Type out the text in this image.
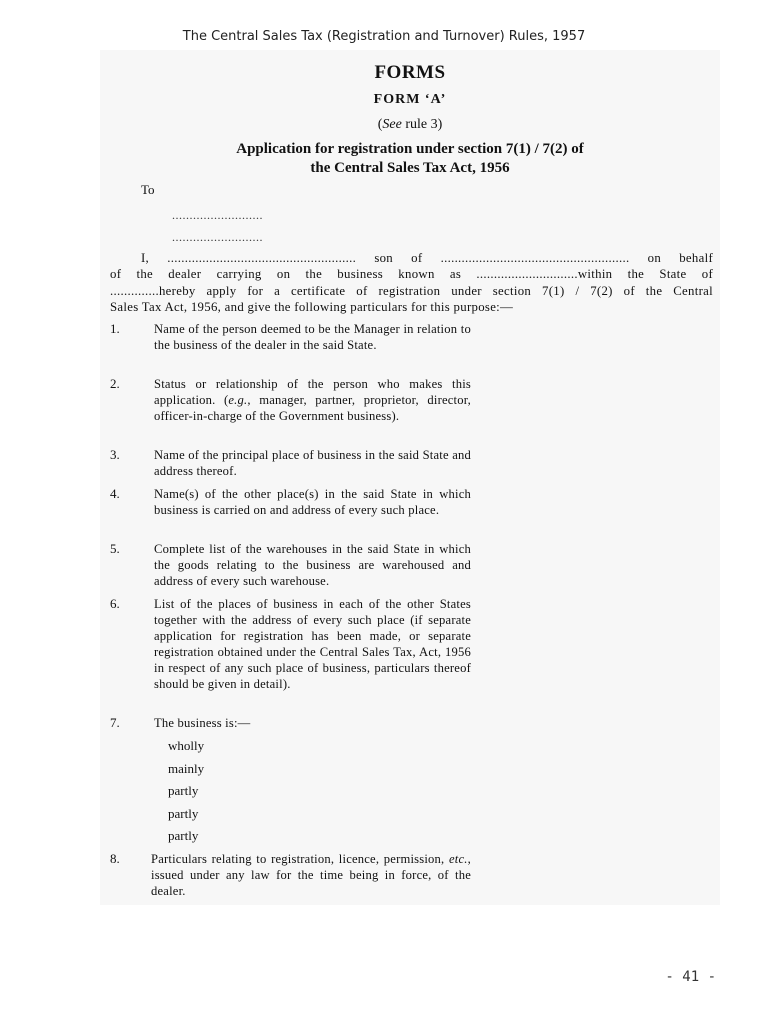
The Central Sales Tax (Registration and Turnover) Rules, 1957
FORMS
FORM ‘A’
(See rule 3)
Application for registration under section 7(1) / 7(2) of
the Central Sales Tax Act, 1956
To
..........................
..........................
I, ...................................................... son of ...................................................... on behalf
of the dealer carrying on the business known as .............................within the State of
..............hereby apply for a certificate of registration under section 7(1) / 7(2) of the Central
Sales Tax Act, 1956, and give the following particulars for this purpose:—
1.	Name of the person deemed to be the Manager in relation to the business of the dealer in the said State.
2.	Status or relationship of the person who makes this application. (e.g., manager, partner, proprietor, director, officer-in-charge of the Government business).
3.	Name of the principal place of business in the said State and address thereof.
4.	Name(s) of the other place(s) in the said State in which business is carried on and address of every such place.
5.	Complete list of the warehouses in the said State in which the goods relating to the business are warehoused and address of every such warehouse.
6.	List of the places of business in each of the other States together with the address of every such place (if separate application for registration has been made, or separate registration obtained under the Central Sales Tax, Act, 1956 in respect of any such place of business, particulars thereof should be given in detail).
7.	The business is:—
wholly
mainly
partly
partly
partly
8. Particulars relating to registration, licence, permission, etc., issued under any law for the time being in force, of the dealer.
- 41 -
